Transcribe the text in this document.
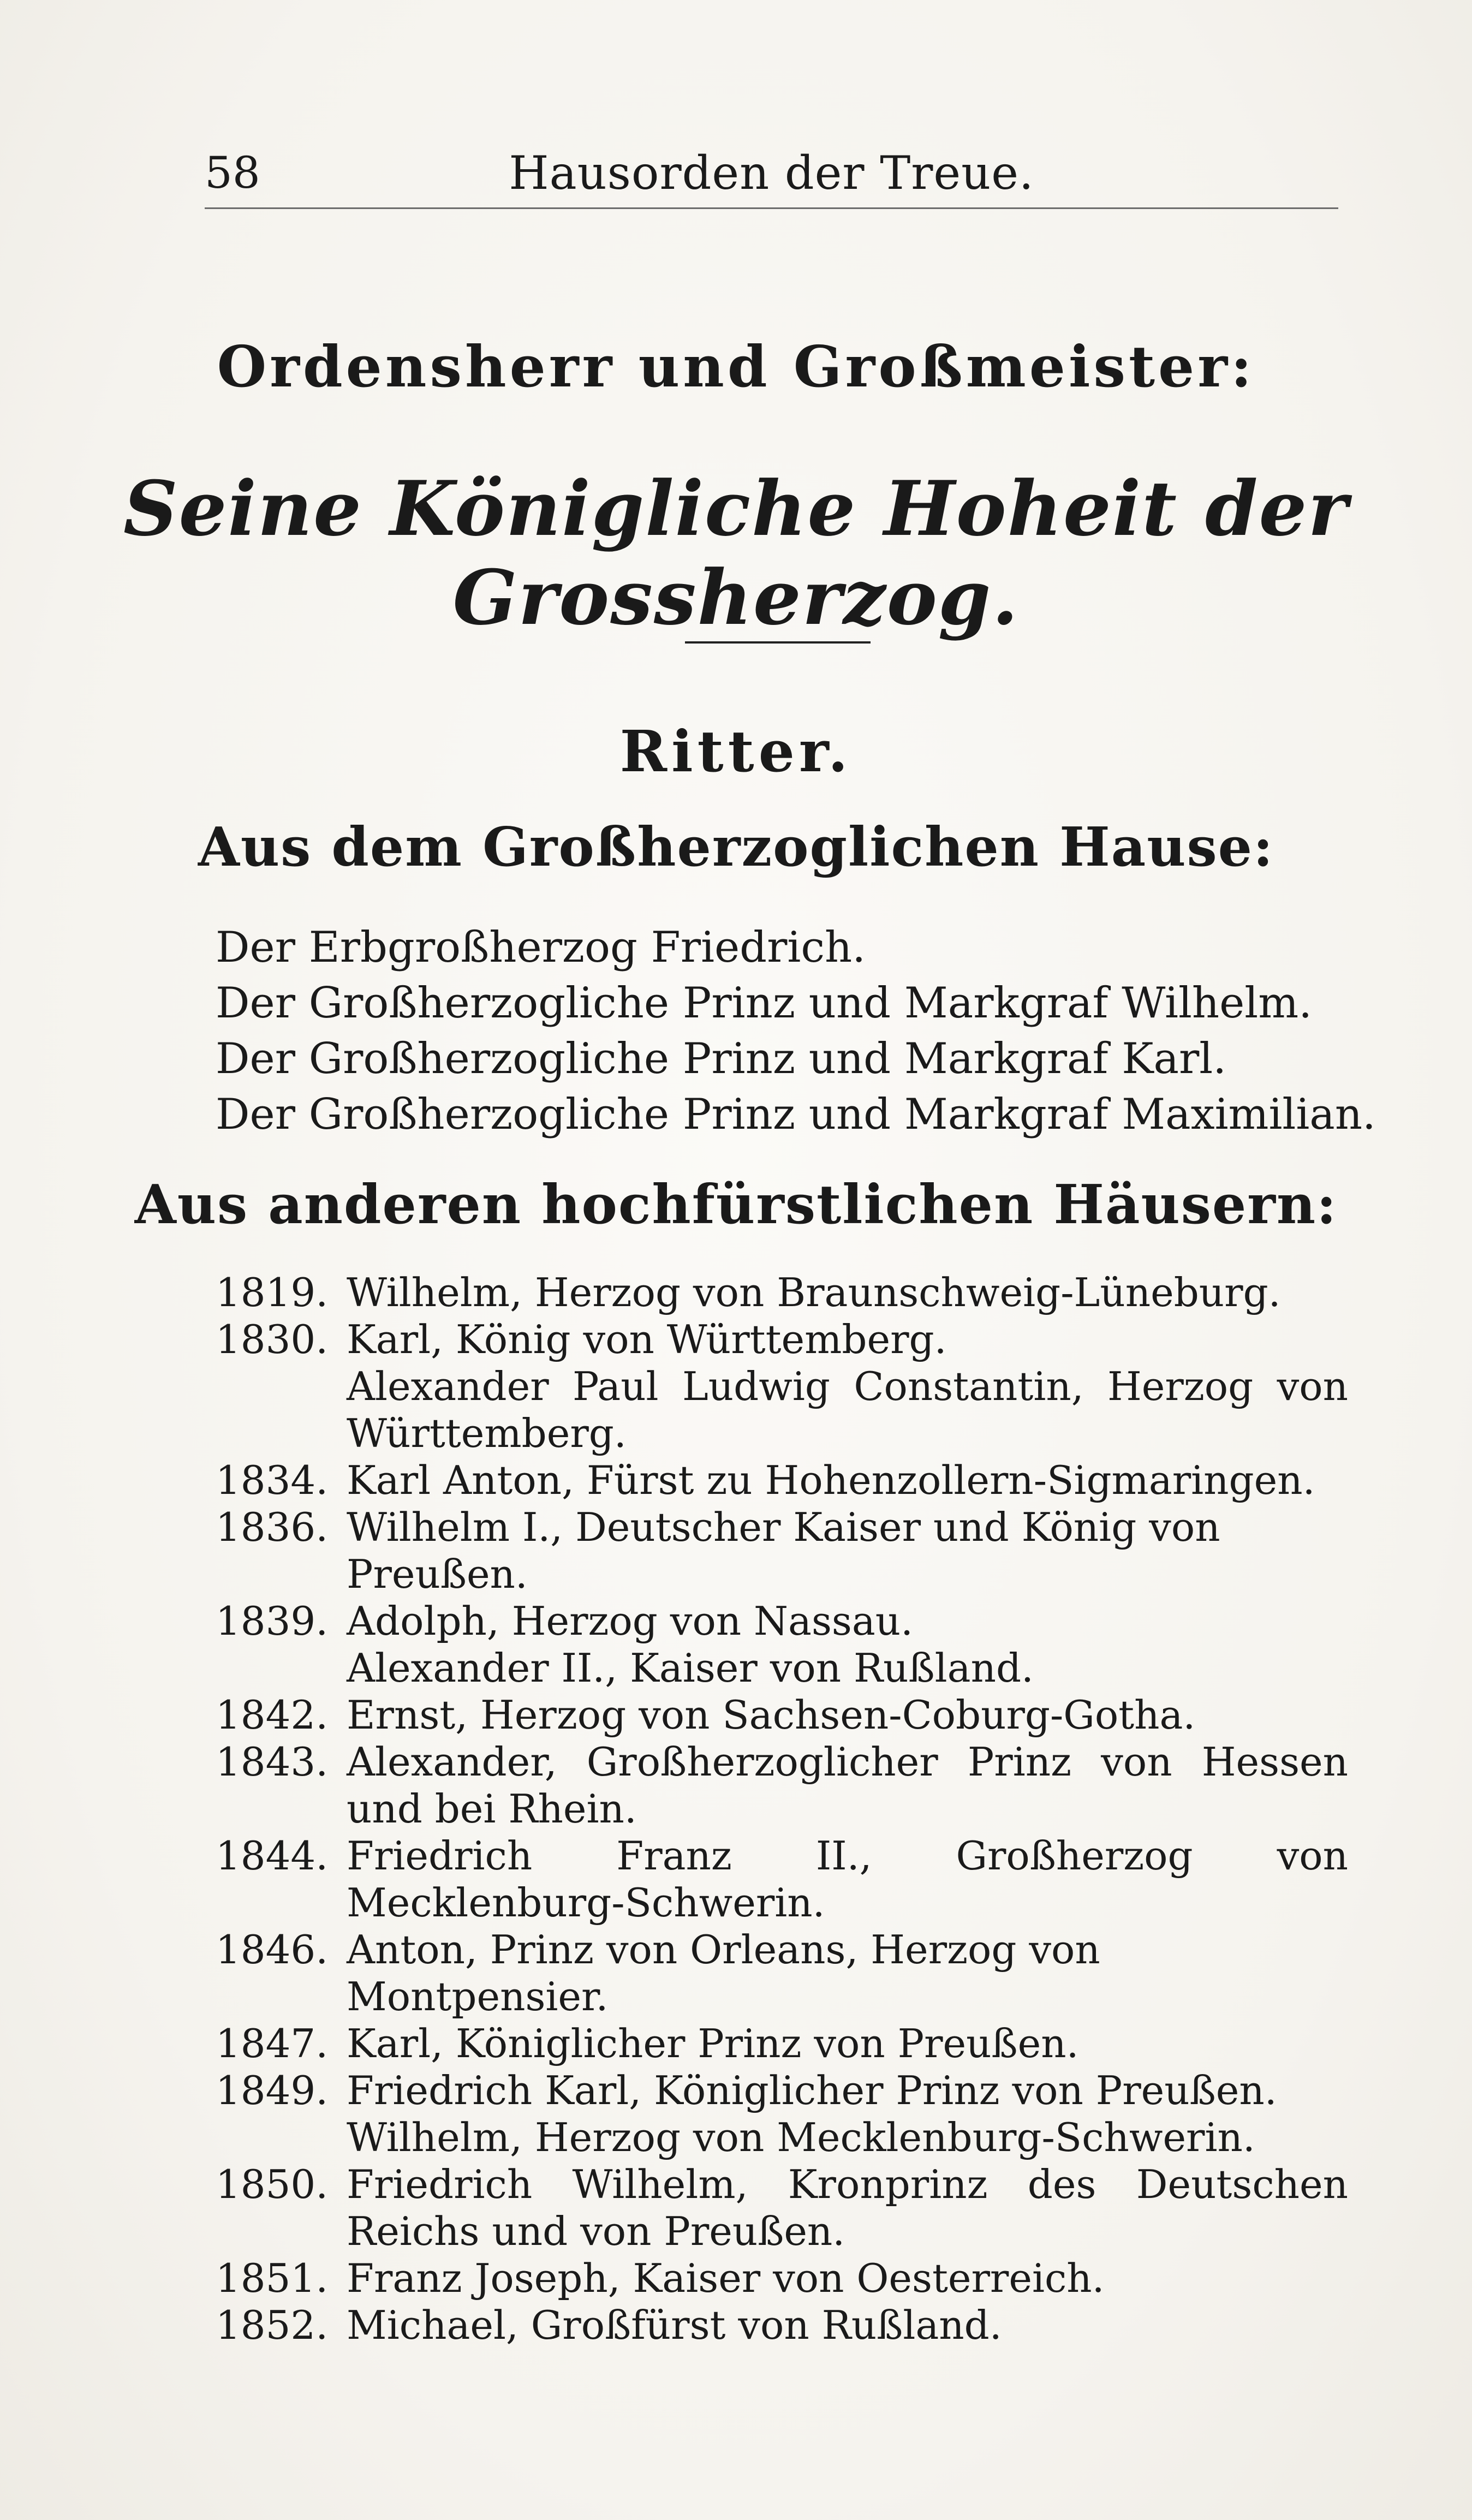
58	Hausorden der Treue.
Ordensherr und Großmeister:
Seine Königliche Hoheit der Grossherzog.
Ritter.
Aus dem Großherzoglichen Hause:
Der Erbgroßherzog Friedrich.
Der Großherzogliche Prinz und Markgraf Wilhelm.
Der Großherzogliche Prinz und Markgraf Karl.
Der Großherzogliche Prinz und Markgraf Maximilian.
Aus anderen hochfürstlichen Häusern:
1819. Wilhelm, Herzog von Braunschweig-Lüneburg.
1830. Karl, König von Württemberg.
Alexander Paul Ludwig Constantin, Herzog von Württemberg.
1834. Karl Anton, Fürst zu Hohenzollern-Sigmaringen.
1836. Wilhelm I., Deutscher Kaiser und König von Preußen.
1839. Adolph, Herzog von Nassau.
Alexander II., Kaiser von Rußland.
1842. Ernst, Herzog von Sachsen-Coburg-Gotha.
1843. Alexander, Großherzoglicher Prinz von Hessen und bei Rhein.
1844. Friedrich Franz II., Großherzog von Mecklenburg-Schwerin.
1846. Anton, Prinz von Orleans, Herzog von Montpensier.
1847. Karl, Königlicher Prinz von Preußen.
1849. Friedrich Karl, Königlicher Prinz von Preußen.
Wilhelm, Herzog von Mecklenburg-Schwerin.
1850. Friedrich Wilhelm, Kronprinz des Deutschen Reichs und von Preußen.
1851. Franz Joseph, Kaiser von Oesterreich.
1852. Michael, Großfürst von Rußland.
